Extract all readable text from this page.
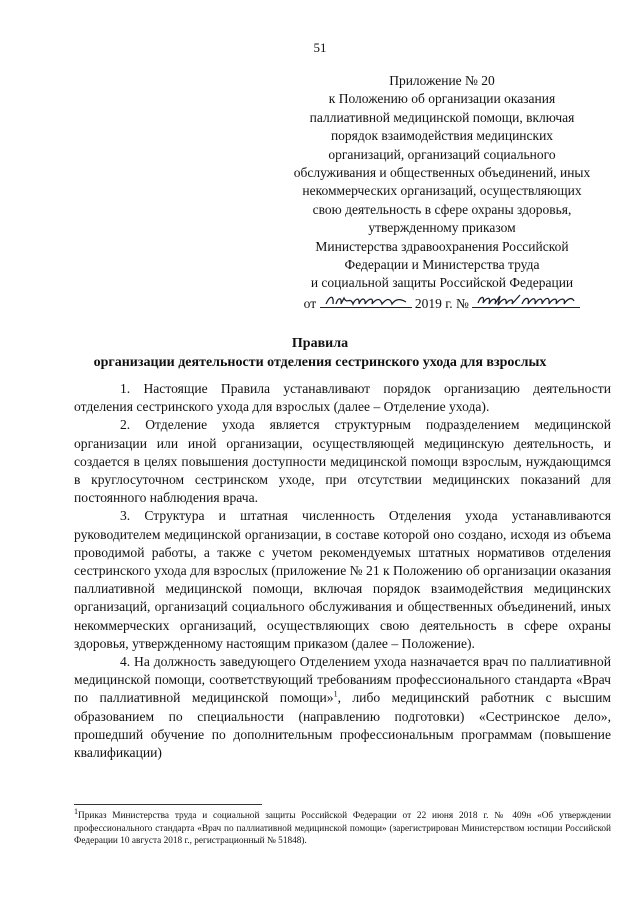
51
Приложение № 20
к Положению об организации оказания
паллиативной медицинской помощи, включая
порядок взаимодействия медицинских
организаций, организаций социального
обслуживания и общественных объединений, иных
некоммерческих организаций, осуществляющих
свою деятельность в сфере охраны здоровья,
утвержденному приказом
Министерства здравоохранения Российской
Федерации и Министерства труда
и социальной защиты Российской Федерации
от	2019 г. №
Правила
организации деятельности отделения сестринского ухода для взрослых

1. Настоящие Правила устанавливают порядок организацию деятельности отделения сестринского ухода для взрослых (далее – Отделение ухода).

2. Отделение ухода является структурным подразделением медицинской организации или иной организации, осуществляющей медицинскую деятельность, и создается в целях повышения доступности медицинской помощи взрослым, нуждающимся в круглосуточном сестринском уходе, при отсутствии медицинских показаний для постоянного наблюдения врача.

3. Структура и штатная численность Отделения ухода устанавливаются руководителем медицинской организации, в составе которой оно создано, исходя из объема проводимой работы, а также с учетом рекомендуемых штатных нормативов отделения сестринского ухода для взрослых (приложение № 21 к Положению об организации оказания паллиативной медицинской помощи, включая порядок взаимодействия медицинских организаций, организаций социального обслуживания и общественных объединений, иных некоммерческих организаций, осуществляющих свою деятельность в сфере охраны здоровья, утвержденному настоящим приказом (далее – Положение).

4. На должность заведующего Отделением ухода назначается врач по паллиативной медицинской помощи, соответствующий требованиям профессионального стандарта «Врач по паллиативной медицинской помощи»$^1$, либо медицинский работник с высшим образованием по специальности (направлению подготовки) «Сестринское дело», прошедший обучение по дополнительным профессиональным программам (повышение квалификации)

$^1$Приказ Министерства труда и социальной защиты Российской Федерации от 22 июня 2018 г. № 409н «Об утверждении профессионального стандарта «Врач по паллиативной медицинской помощи» (зарегистрирован Министерством юстиции Российской Федерации 10 августа 2018 г., регистрационный № 51848).
